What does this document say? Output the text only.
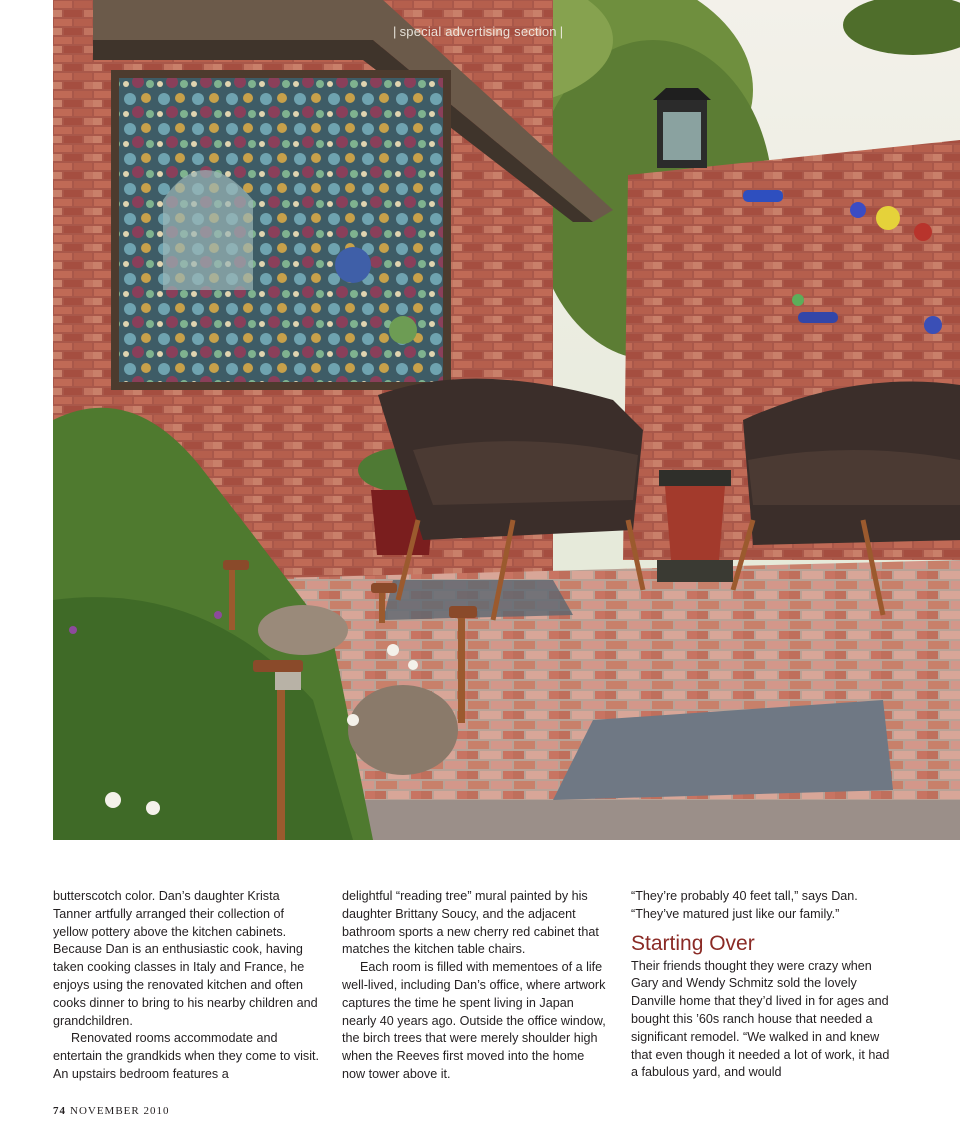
| special advertising section |

butterscotch color. Dan’s daughter Krista Tanner artfully arranged their collection of yellow pottery above the kitchen cabinets. Because Dan is an enthusiastic cook, having taken cooking classes in Italy and France, he enjoys using the renovated kitchen and often cooks dinner to bring to his nearby children and grandchildren.

Renovated rooms accommodate and entertain the grandkids when they come to visit. An upstairs bedroom features a

delightful “reading tree” mural painted by his daughter Brittany Soucy, and the adjacent bathroom sports a new cherry red cabinet that matches the kitchen table chairs.

Each room is filled with mementoes of a life well-lived, including Dan’s office, where artwork captures the time he spent living in Japan nearly 40 years ago. Outside the office window, the birch trees that were merely shoulder high when the Reeves first moved into the home now tower above it.

“They’re probably 40 feet tall,” says Dan. “They’ve matured just like our family.”

Starting Over

Their friends thought they were crazy when Gary and Wendy Schmitz sold the lovely Danville home that they’d lived in for ages and bought this ’60s ranch house that needed a significant remodel. “We walked in and knew that even though it needed a lot of work, it had a fabulous yard, and would

74 NOVEMBER 2010
